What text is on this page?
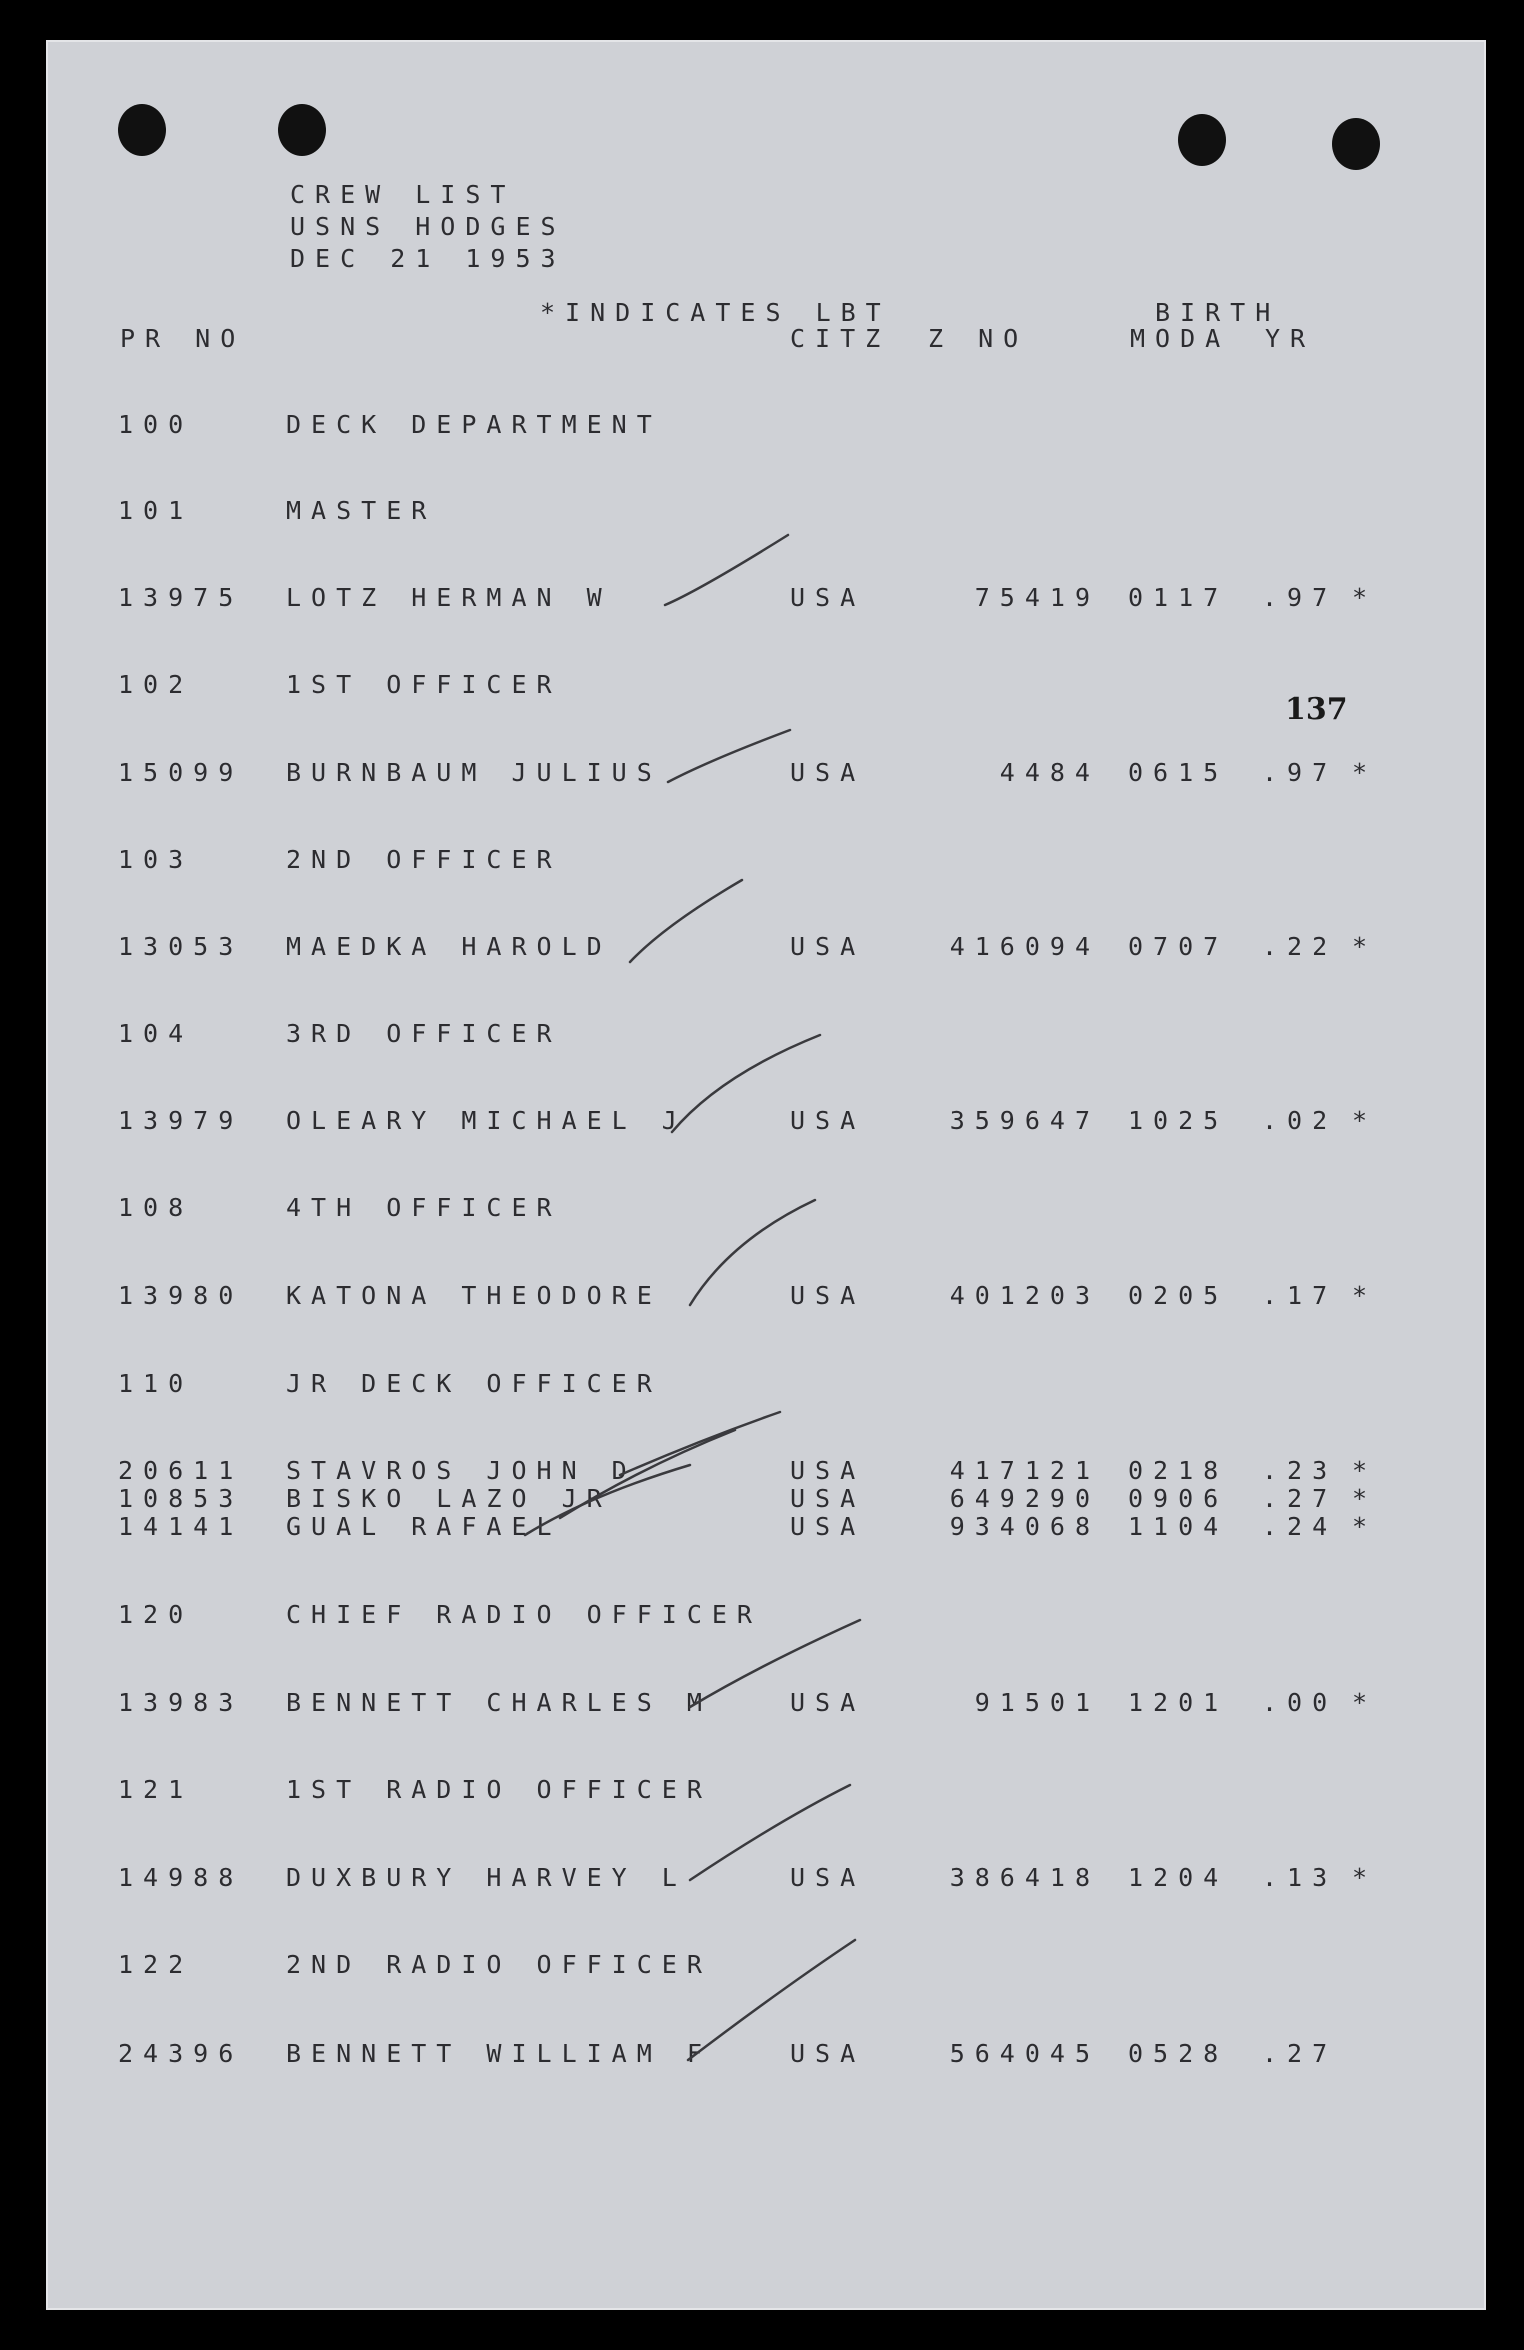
CREW LIST
USNS HODGES
DEC 21 1953
*INDICATES LBT	BIRTH
PR NO	CITZ Z NO	MODA YR
137
100	DECK DEPARTMENT
101	MASTER
13975 LOTZ HERMAN W	USA	75419 0117 .97 *
102	1ST OFFICER
15099 BURNBAUM JULIUS	USA	4484 0615 .97 *
103	2ND OFFICER
13053 MAEDKA HAROLD	USA	416094 0707 .22 *
104	3RD OFFICER
13979 OLEARY MICHAEL J	USA	359647 1025 .02 *
108	4TH OFFICER
13980 KATONA THEODORE	USA	401203 0205 .17 *
110	JR DECK OFFICER
20611 STAVROS JOHN D	USA	417121 0218 .23 *
10853 BISKO LAZO JR	USA	649290 0906 .27 *
14141 GUAL RAFAEL	USA	934068 1104 .24 *
120	CHIEF RADIO OFFICER
13983 BENNETT CHARLES M	USA	91501 1201 .00 *
121	1ST RADIO OFFICER
14988 DUXBURY HARVEY L	USA	386418 1204 .13 *
122	2ND RADIO OFFICER
24396 BENNETT WILLIAM F	USA	564045 0528 .27
